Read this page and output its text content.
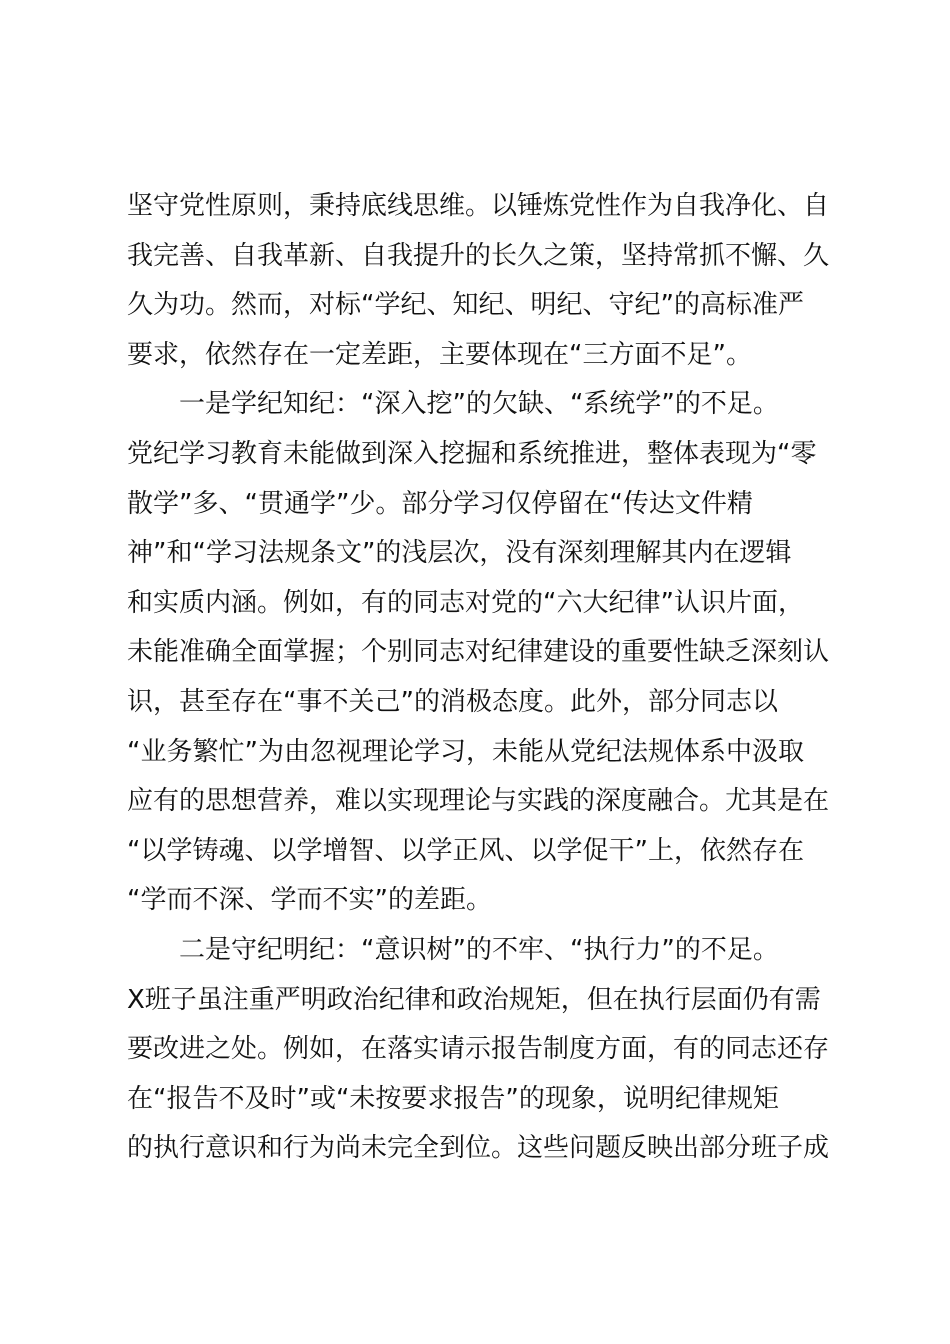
坚守党性原则，秉持底线思维。以锤炼党性作为自我净化、自
我完善、自我革新、自我提升的长久之策，坚持常抓不懈、久
久为功。然而，对标“学纪、知纪、明纪、守纪”的高标准严
要求，依然存在一定差距，主要体现在“三方面不足”。
一是学纪知纪：“深入挖”的欠缺、“系统学”的不足。
党纪学习教育未能做到深入挖掘和系统推进，整体表现为“零
散学”多、“贯通学”少。部分学习仅停留在“传达文件精
神”和“学习法规条文”的浅层次，没有深刻理解其内在逻辑
和实质内涵。例如，有的同志对党的“六大纪律”认识片面，
未能准确全面掌握；个别同志对纪律建设的重要性缺乏深刻认
识，甚至存在“事不关己”的消极态度。此外，部分同志以
“业务繁忙”为由忽视理论学习，未能从党纪法规体系中汲取
应有的思想营养，难以实现理论与实践的深度融合。尤其是在
“以学铸魂、以学增智、以学正风、以学促干”上，依然存在
“学而不深、学而不实”的差距。
二是守纪明纪：“意识树”的不牢、“执行力”的不足。
X班子虽注重严明政治纪律和政治规矩，但在执行层面仍有需
要改进之处。例如，在落实请示报告制度方面，有的同志还存
在“报告不及时”或“未按要求报告”的现象，说明纪律规矩
的执行意识和行为尚未完全到位。这些问题反映出部分班子成
